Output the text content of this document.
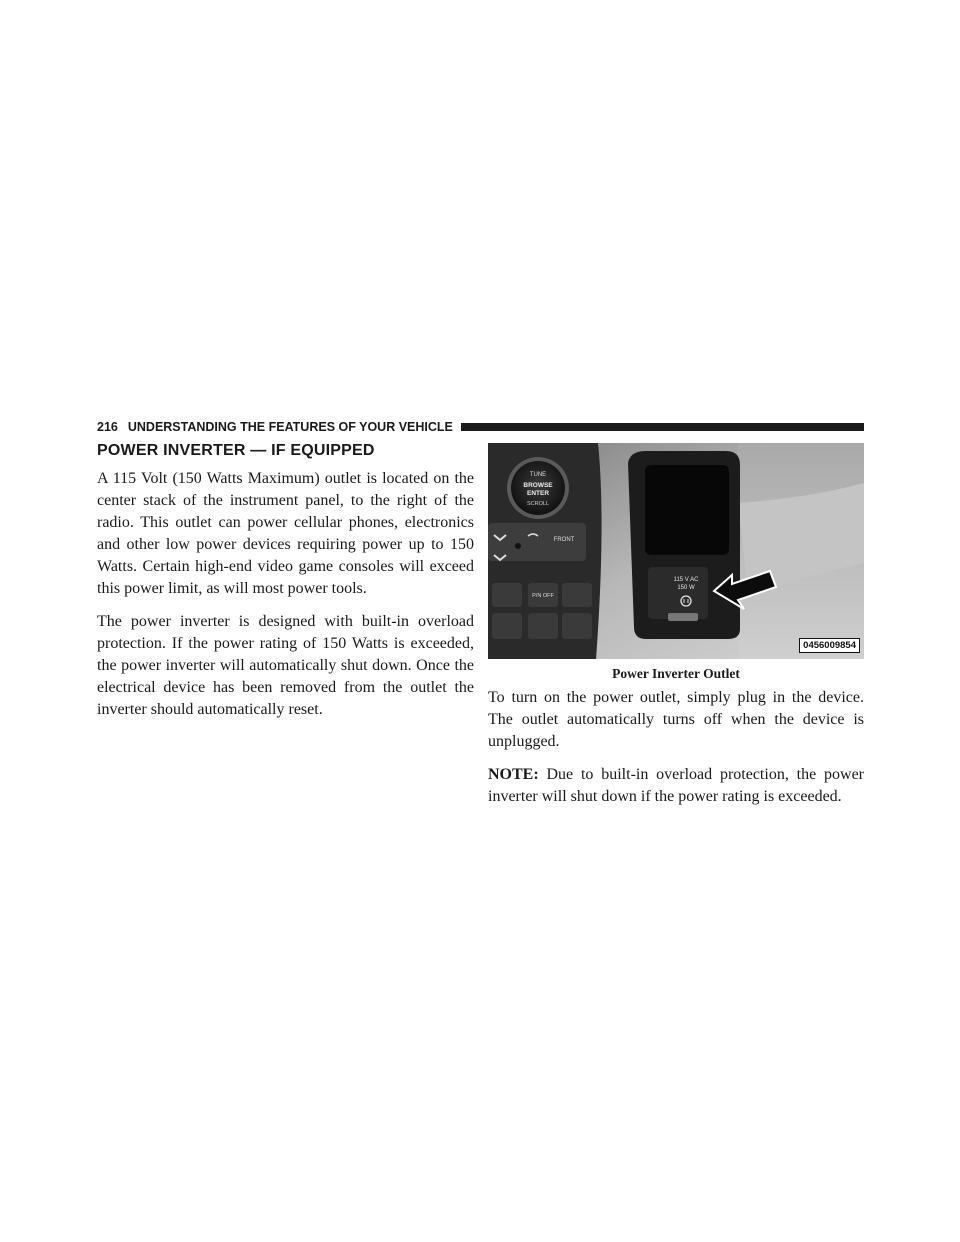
216 UNDERSTANDING THE FEATURES OF YOUR VEHICLE
POWER INVERTER — IF EQUIPPED

A 115 Volt (150 Watts Maximum) outlet is located on the center stack of the instrument panel, to the right of the radio. This outlet can power cellular phones, electronics and other low power devices requiring power up to 150 Watts. Certain high-end video game consoles will exceed this power limit, as will most power tools.

The power inverter is designed with built-in overload protection. If the power rating of 150 Watts is exceeded, the power inverter will automatically shut down. Once the electrical device has been removed from the outlet the inverter should automatically reset.

TUNE
BROWSE
ENTER
SCROLL
FRONT
P/N OFF
115 V AC
150 W
0456009854
Power Inverter Outlet

To turn on the power outlet, simply plug in the device. The outlet automatically turns off when the device is unplugged.

NOTE: Due to built-in overload protection, the power inverter will shut down if the power rating is exceeded.
